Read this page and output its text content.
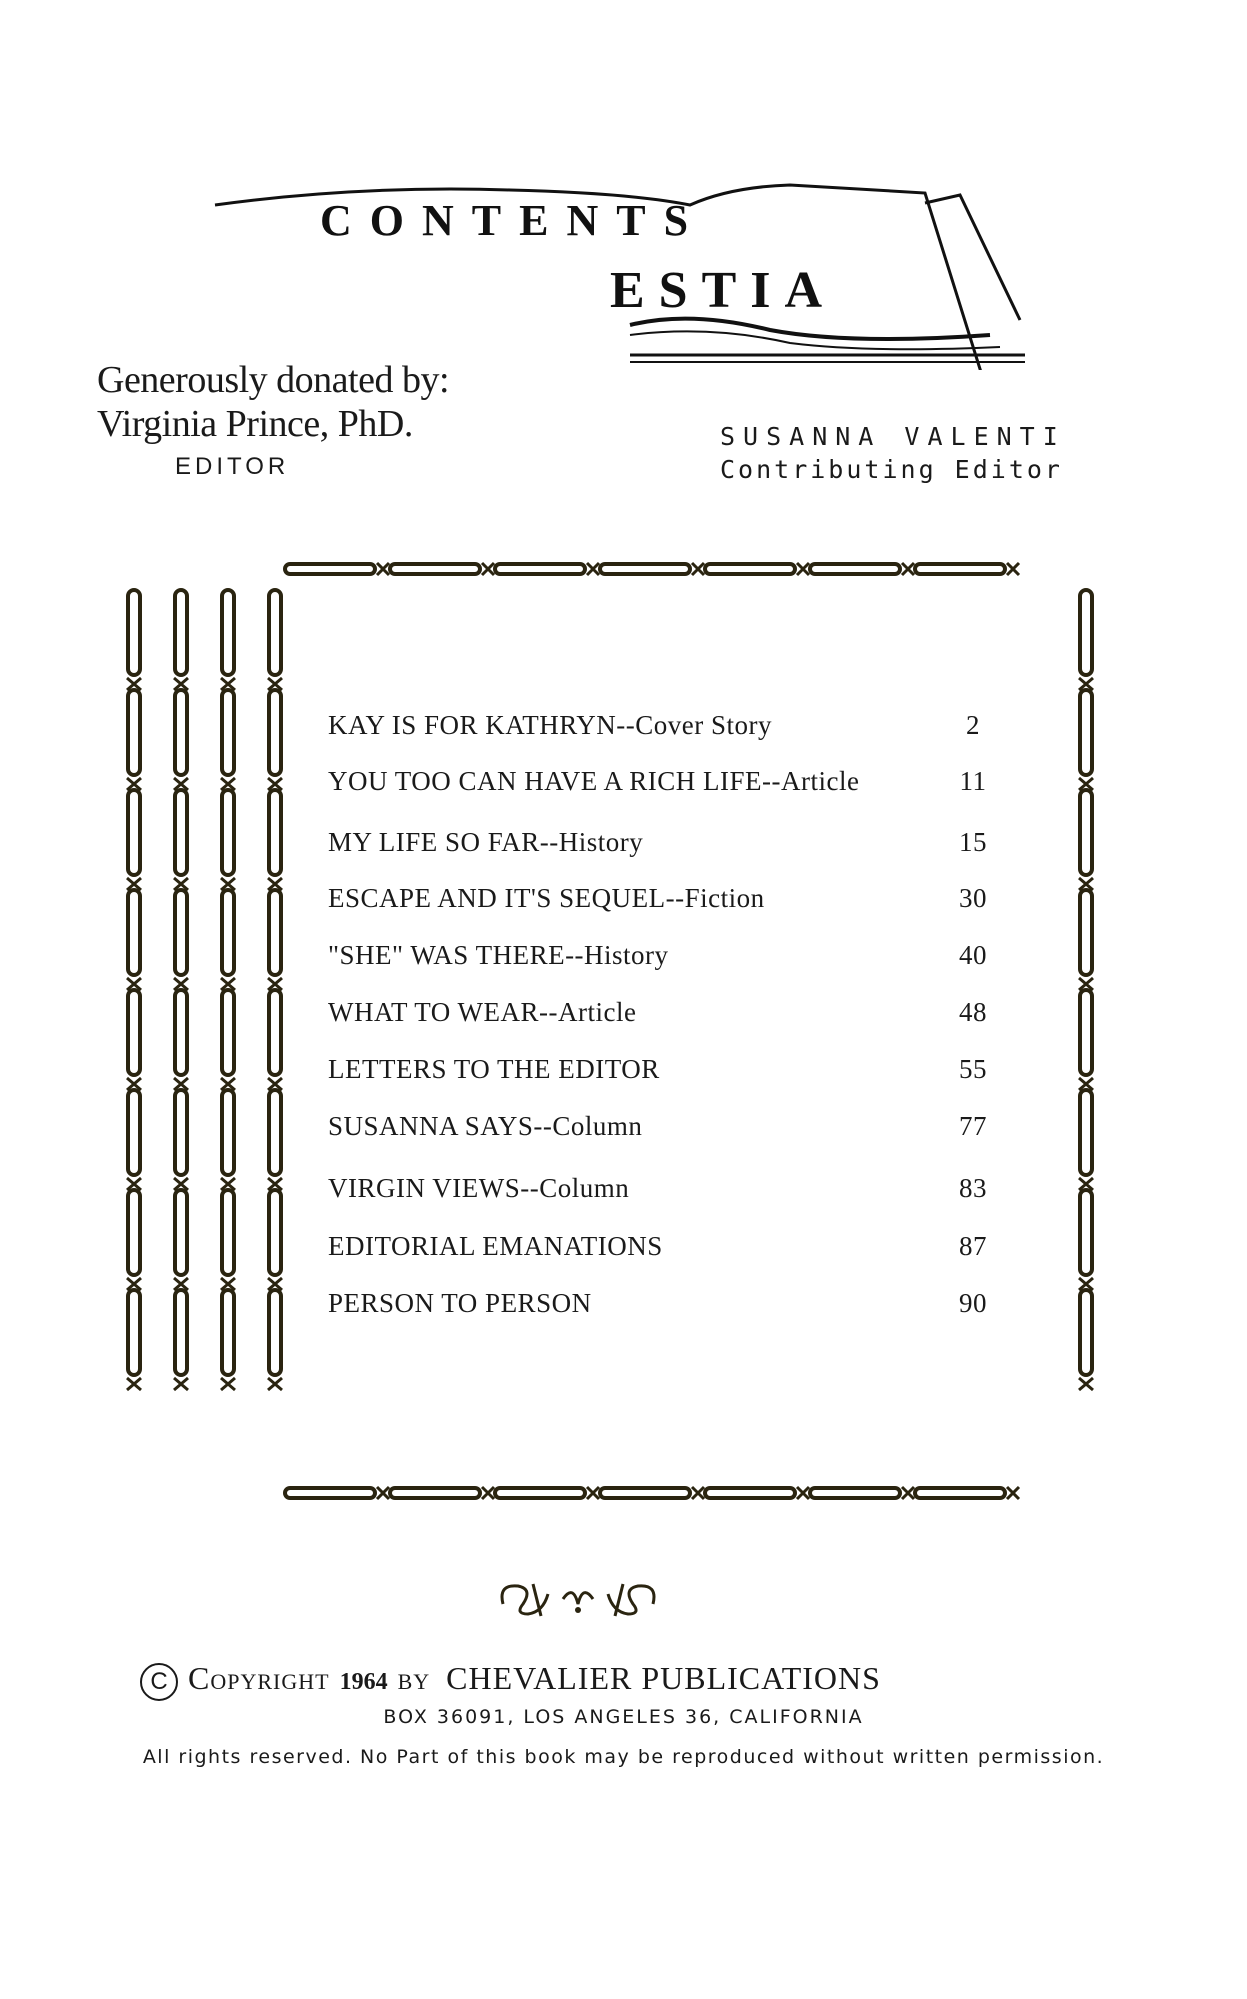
CONTENTS
ESTIA
Generously donated by:
Virginia Prince, PhD.
EDITOR
SUSANNA VALENTI
Contributing Editor
KAY IS FOR KATHRYN--Cover Story	2
YOU TOO CAN HAVE A RICH LIFE--Article	11
MY LIFE SO FAR--History	15
ESCAPE AND IT'S SEQUEL--Fiction	30
"SHE" WAS THERE--History	40
WHAT TO WEAR--Article	48
LETTERS TO THE EDITOR	55
SUSANNA SAYS--Column	77
VIRGIN VIEWS--Column	83
EDITORIAL EMANATIONS	87
PERSON TO PERSON	90
C Copyright 1964 by CHEVALIER PUBLICATIONS
BOX 36091, LOS ANGELES 36, CALIFORNIA
All rights reserved. No Part of this book may be reproduced without written permission.
